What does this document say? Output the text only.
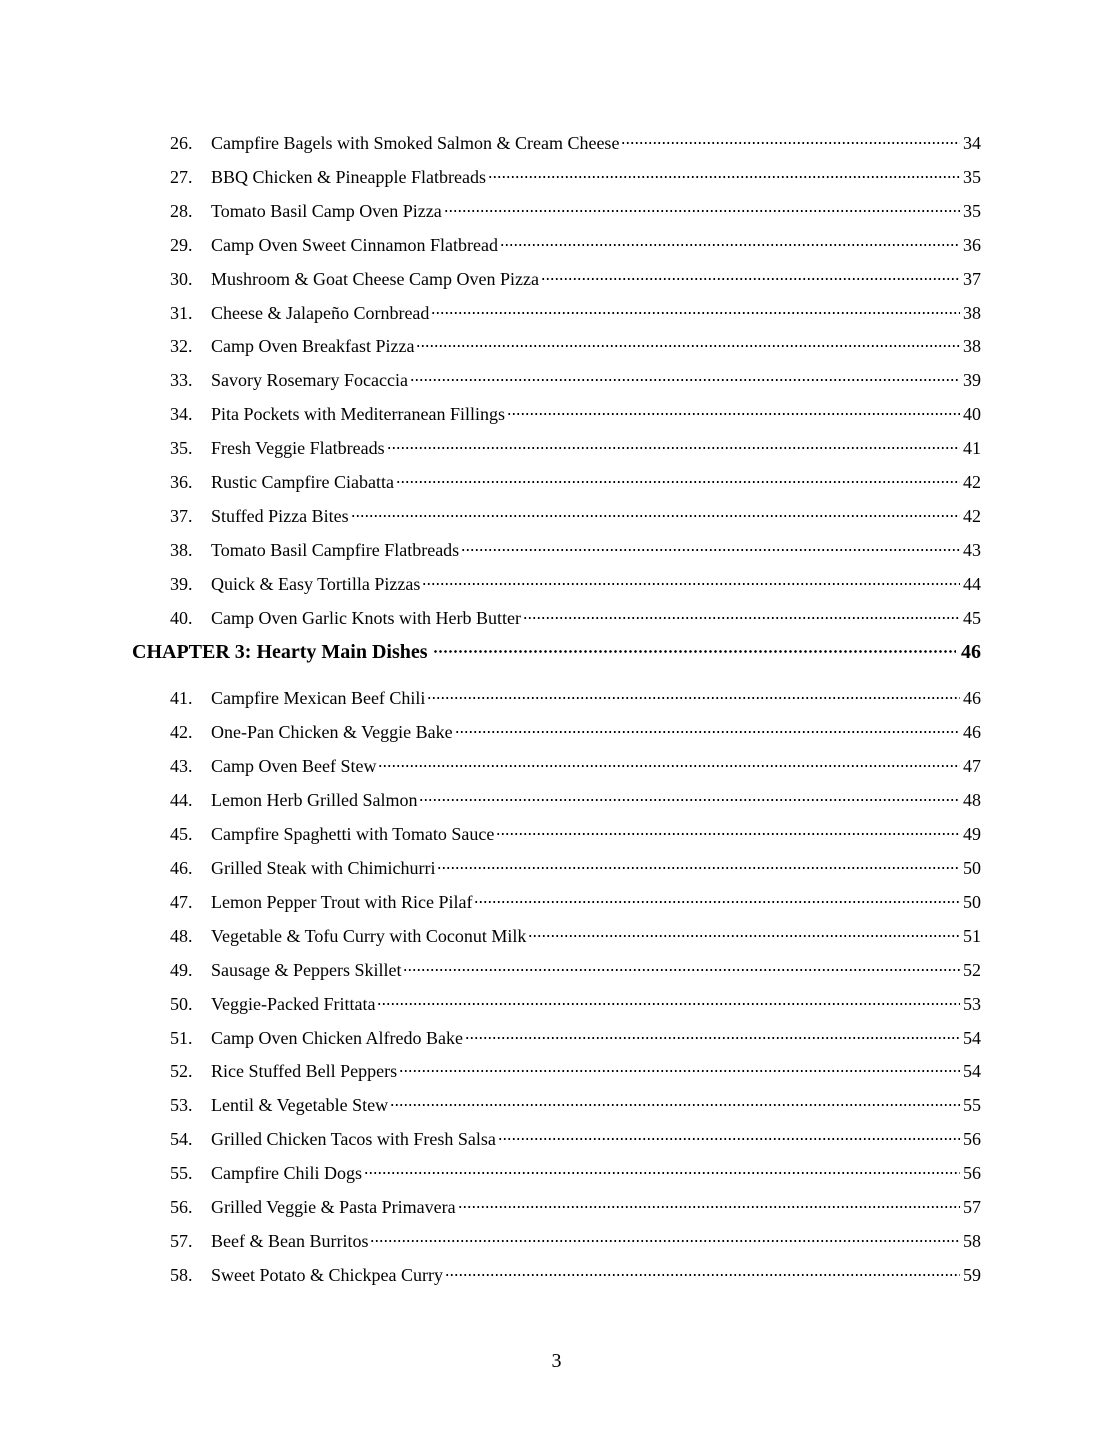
26.	Campfire Bagels with Smoked Salmon & Cream Cheese	34
27.	BBQ Chicken & Pineapple Flatbreads	35
28.	Tomato Basil Camp Oven Pizza	35
29.	Camp Oven Sweet Cinnamon Flatbread	36
30.	Mushroom & Goat Cheese Camp Oven Pizza	37
31.	Cheese & Jalapeño Cornbread	38
32.	Camp Oven Breakfast Pizza	38
33.	Savory Rosemary Focaccia	39
34.	Pita Pockets with Mediterranean Fillings	40
35.	Fresh Veggie Flatbreads	41
36.	Rustic Campfire Ciabatta	42
37.	Stuffed Pizza Bites	42
38.	Tomato Basil Campfire Flatbreads	43
39.	Quick & Easy Tortilla Pizzas	44
40.	Camp Oven Garlic Knots with Herb Butter	45
CHAPTER 3: Hearty Main Dishes	46
41.	Campfire Mexican Beef Chili	46
42.	One-Pan Chicken & Veggie Bake	46
43.	Camp Oven Beef Stew	47
44.	Lemon Herb Grilled Salmon	48
45.	Campfire Spaghetti with Tomato Sauce	49
46.	Grilled Steak with Chimichurri	50
47.	Lemon Pepper Trout with Rice Pilaf	50
48.	Vegetable & Tofu Curry with Coconut Milk	51
49.	Sausage & Peppers Skillet	52
50.	Veggie-Packed Frittata	53
51.	Camp Oven Chicken Alfredo Bake	54
52.	Rice Stuffed Bell Peppers	54
53.	Lentil & Vegetable Stew	55
54.	Grilled Chicken Tacos with Fresh Salsa	56
55.	Campfire Chili Dogs	56
56.	Grilled Veggie & Pasta Primavera	57
57.	Beef & Bean Burritos	58
58.	Sweet Potato & Chickpea Curry	59
3
